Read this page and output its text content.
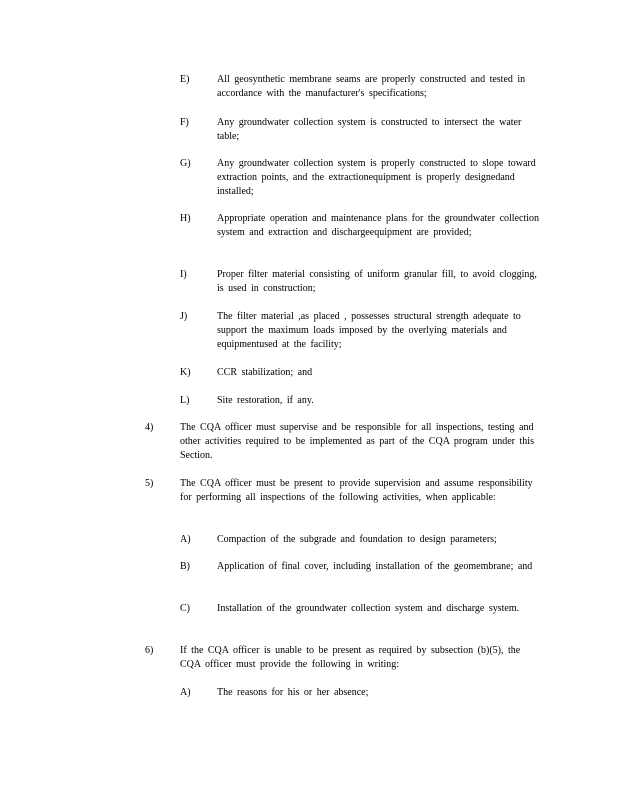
E)	All geosynthetic membrane seams are properly constructed and tested in accordance with the manufacturer's specifications;
F)	Any groundwater collection system is constructed to intersect the water table;
G)	Any groundwater collection system is properly constructed to slope toward extraction points, and the extractionequipment is properly designedand installed;
H)	Appropriate operation and maintenance plans for the groundwater collection system and extraction and dischargeequipment are provided;
I)	Proper filter material consisting of uniform granular fill, to avoid clogging, is used in construction;
J)	The filter material ,as placed , possesses structural strength adequate to support the maximum loads imposed by the overlying materials and equipmentused at the facility;
K)	CCR stabilization; and
L)	Site restoration, if any.
4)	The CQA officer must supervise and be responsible for all inspections, testing and other activities required to be implemented as part of the CQA program under this Section.
5)	The CQA officer must be present to provide supervision and assume responsibility for performing all inspections of the following activities, when applicable:
A)	Compaction of the subgrade and foundation to design parameters;
B)	Application of final cover, including installation of the geomembrane; and
C)	Installation of the groundwater collection system and discharge system.
6)	If the CQA officer is unable to be present as required by subsection (b)(5), the CQA officer must provide the following in writing:
A)	The reasons for his or her absence;
